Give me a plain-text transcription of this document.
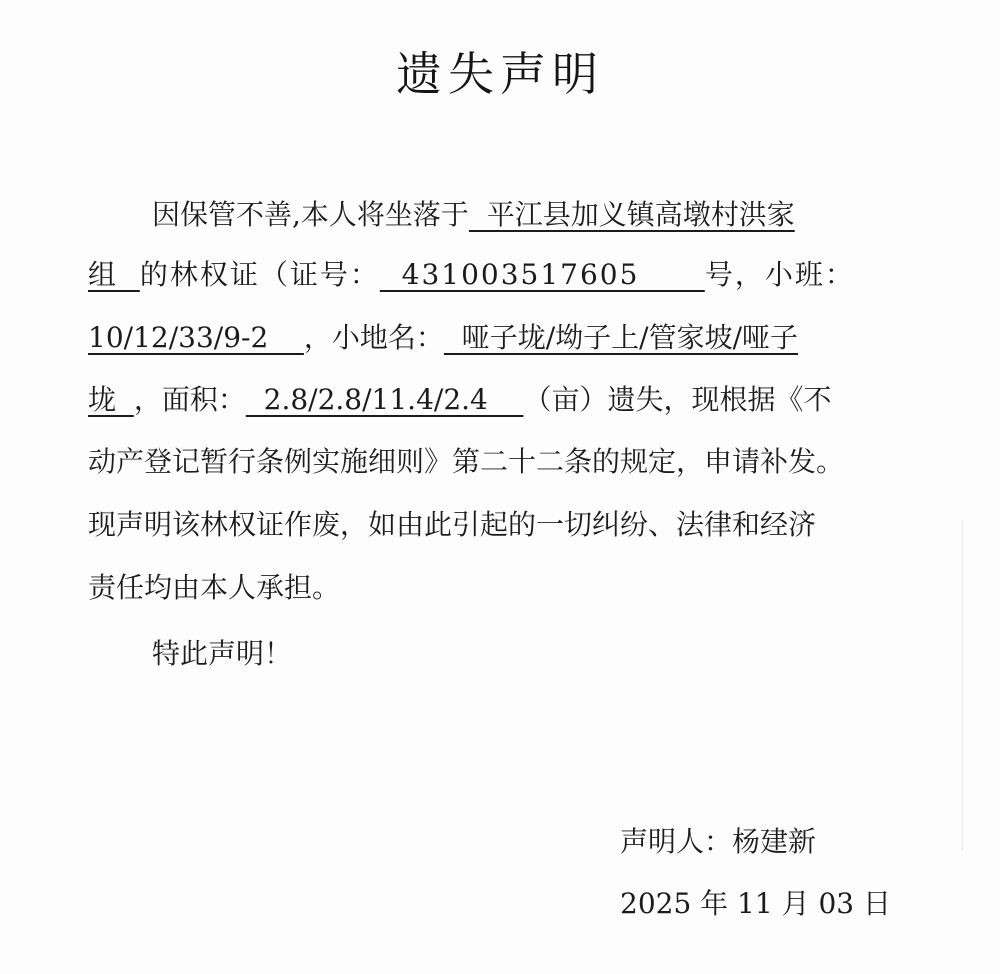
遗失声明
因保管不善,本人将坐落于  平江县加义镇高墩村洪家
组  的林权证（证号：  431003517605      号，小班：
10/12/33/9-2    ，小地名：  哑子垅/坳子上/管家坡/哑子
垅  ，面积：  2.8/2.8/11.4/2.4    （亩）遗失，现根据《不
动产登记暂行条例实施细则》第二十二条的规定，申请补发。
现声明该林权证作废，如由此引起的一切纠纷、法律和经济
责任均由本人承担。
特此声明！
声明人：杨建新
2025 年 11 月 03 日
